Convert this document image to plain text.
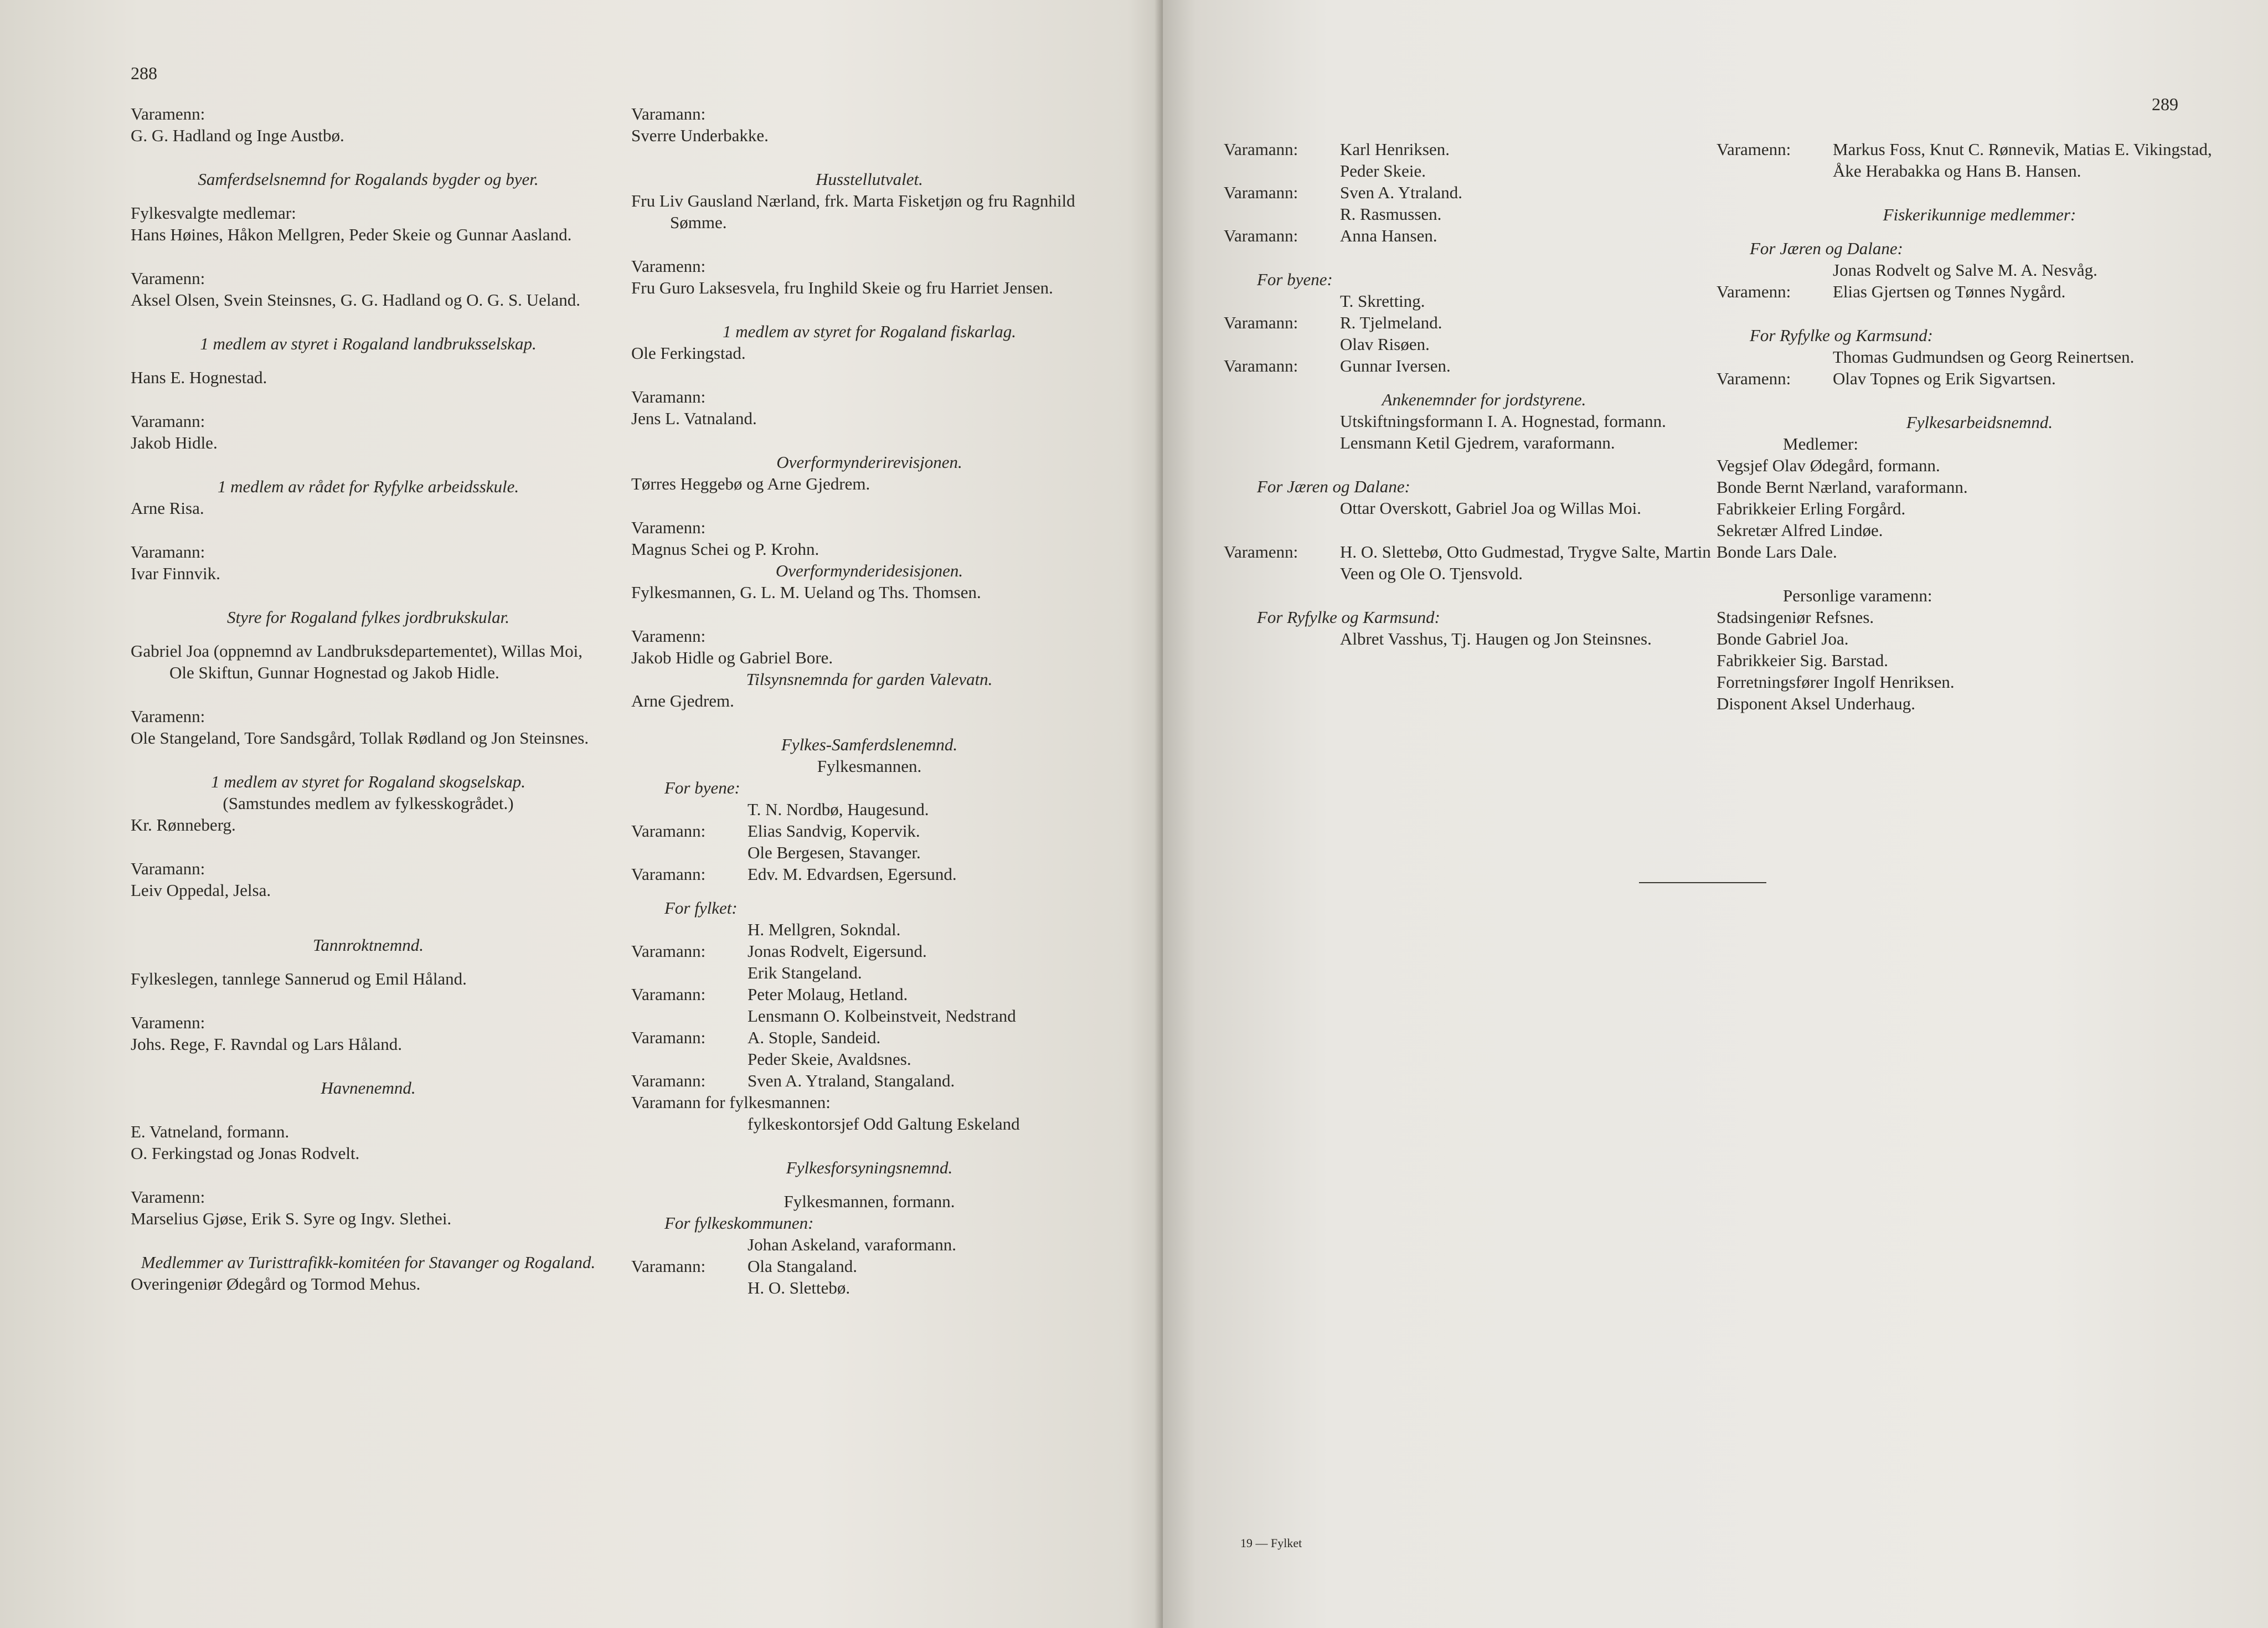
288

Varamenn:

G. G. Hadland og Inge Austbø.

Samferdselsnemnd for Rogalands bygder og byer.

Fylkesvalgte medlemar:

Hans Høines, Håkon Mellgren, Peder Skeie og Gunnar Aasland.

Varamenn:

Aksel Olsen, Svein Steinsnes, G. G. Hadland og O. G. S. Ueland.

1 medlem av styret i Rogaland landbruksselskap.

Hans E. Hognestad.

Varamann:

Jakob Hidle.

1 medlem av rådet for Ryfylke arbeidsskule.

Arne Risa.

Varamann:

Ivar Finnvik.

Styre for Rogaland fylkes jordbrukskular.

Gabriel Joa (oppnemnd av Landbruksdepartementet), Willas Moi, Ole Skiftun, Gunnar Hognestad og Jakob Hidle.

Varamenn:

Ole Stangeland, Tore Sandsgård, Tollak Rødland og Jon Steinsnes.

1 medlem av styret for Rogaland skogselskap.

(Samstundes medlem av fylkesskogrådet.)

Kr. Rønneberg.

Varamann:

Leiv Oppedal, Jelsa.

Tannroktnemnd.

Fylkeslegen, tannlege Sannerud og Emil Håland.

Varamenn:

Johs. Rege, F. Ravndal og Lars Håland.

Havnenemnd.

E. Vatneland, formann.

O. Ferkingstad og Jonas Rodvelt.

Varamenn:

Marselius Gjøse, Erik S. Syre og Ingv. Slethei.

Medlemmer av Turisttrafikk-komitéen for Stavanger og Rogaland.

Overingeniør Ødegård og Tormod Mehus.

Varamann:

Sverre Underbakke.

Husstellutvalet.

Fru Liv Gausland Nærland, frk. Marta Fisketjøn og fru Ragnhild Sømme.

Varamenn:

Fru Guro Laksesvela, fru Inghild Skeie og fru Harriet Jensen.

1 medlem av styret for Rogaland fiskarlag.

Ole Ferkingstad.

Varamann:

Jens L. Vatnaland.

Overformynderirevisjonen.

Tørres Heggebø og Arne Gjedrem.

Varamenn:

Magnus Schei og P. Krohn.

Overformynderidesisjonen.

Fylkesmannen, G. L. M. Ueland og Ths. Thomsen.

Varamenn:

Jakob Hidle og Gabriel Bore.

Tilsynsnemnda for garden Valevatn.

Arne Gjedrem.

Fylkes-Samferdslenemnd.

Fylkesmannen.

For byene:

T. N. Nordbø, Haugesund.

Varamann:	Elias Sandvig, Kopervik.

Ole Bergesen, Stavanger.

Varamann:	Edv. M. Edvardsen, Egersund.

For fylket:

H. Mellgren, Sokndal.

Varamann:	Jonas Rodvelt, Eigersund.

Erik Stangeland.

Varamann:	Peter Molaug, Hetland.

Lensmann O. Kolbeinstveit, Nedstrand

Varamann:	A. Stople, Sandeid.

Peder Skeie, Avaldsnes.

Varamann:	Sven A. Ytraland, Stangaland.

Varamann for fylkesmannen:

fylkeskontorsjef Odd Galtung Eskeland

Fylkesforsyningsnemnd.

Fylkesmannen, formann.

For fylkeskommunen:

Johan Askeland, varaformann.

Varamann:	Ola Stangaland.

H. O. Slettebø.

289
Varamann:	Karl Henriksen.

Peder Skeie.

Varamann:	Sven A. Ytraland.

R. Rasmussen.

Varamann:	Anna Hansen.

For byene:

T. Skretting.

Varamann:	R. Tjelmeland.

Olav Risøen.

Varamann:	Gunnar Iversen.

Ankenemnder for jordstyrene.

Utskiftningsformann I. A. Hognestad, formann.

Lensmann Ketil Gjedrem, varaformann.

For Jæren og Dalane:

Ottar Overskott, Gabriel Joa og Willas Moi.

Varamenn:	H. O. Slettebø, Otto Gudmestad, Trygve Salte, Martin Veen og Ole O. Tjensvold.

For Ryfylke og Karmsund:

Albret Vasshus, Tj. Haugen og Jon Steinsnes.

Varamenn:	Markus Foss, Knut C. Rønnevik, Matias E. Vikingstad, Åke Herabakka og Hans B. Hansen.

Fiskerikunnige medlemmer:

For Jæren og Dalane:

Jonas Rodvelt og Salve M. A. Nesvåg.

Varamenn:	Elias Gjertsen og Tønnes Nygård.

For Ryfylke og Karmsund:

Thomas Gudmundsen og Georg Reinertsen.

Varamenn:	Olav Topnes og Erik Sigvartsen.

Fylkesarbeidsnemnd.

Medlemer:

Vegsjef Olav Ødegård, formann.

Bonde Bernt Nærland, varaformann.

Fabrikkeier Erling Forgård.

Sekretær Alfred Lindøe.

Bonde Lars Dale.

Personlige varamenn:

Stadsingeniør Refsnes.

Bonde Gabriel Joa.

Fabrikkeier Sig. Barstad.

Forretningsfører Ingolf Henriksen.

Disponent Aksel Underhaug.

19 — Fylket
